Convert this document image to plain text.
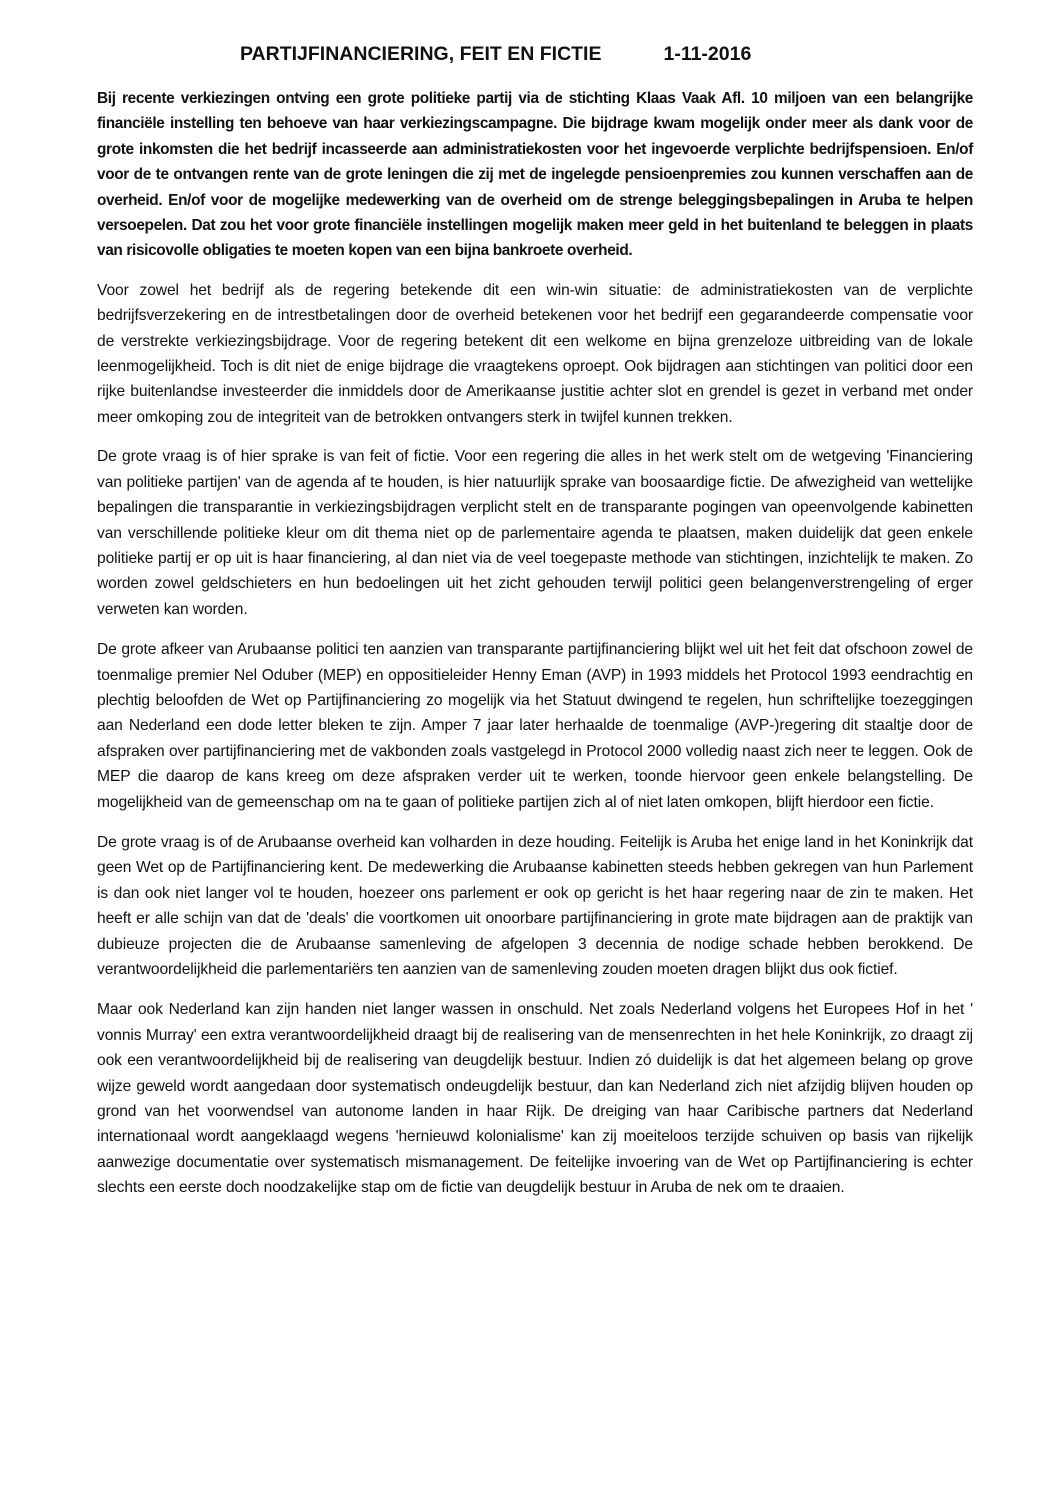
PARTIJFINANCIERING, FEIT EN FICTIE	1-11-2016

Bij recente verkiezingen ontving een grote politieke partij via de stichting Klaas Vaak Afl. 10 miljoen van een belangrijke financiële instelling ten behoeve van haar verkiezingscampagne. Die bijdrage kwam mogelijk onder meer als dank voor de grote inkomsten die het bedrijf incasseerde aan administratiekosten voor het ingevoerde verplichte bedrijfspensioen. En/of voor de te ontvangen rente van de grote leningen die zij met de ingelegde pensioenpremies zou kunnen verschaffen aan de overheid. En/of voor de mogelijke medewerking van de overheid om de strenge beleggingsbepalingen in Aruba te helpen versoepelen. Dat zou het voor grote financiële instellingen mogelijk maken meer geld in het buitenland te beleggen in plaats van risicovolle obligaties te moeten kopen van een bijna bankroete overheid.

Voor zowel het bedrijf als de regering betekende dit een win-win situatie: de administratiekosten van de verplichte bedrijfsverzekering en de intrestbetalingen door de overheid betekenen voor het bedrijf een gegarandeerde compensatie voor de verstrekte verkiezingsbijdrage. Voor de regering betekent dit een welkome en bijna grenzeloze uitbreiding van de lokale leenmogelijkheid. Toch is dit niet de enige bijdrage die vraagtekens oproept. Ook bijdragen aan stichtingen van politici door een rijke buitenlandse investeerder die inmiddels door de Amerikaanse justitie achter slot en grendel is gezet in verband met onder meer omkoping zou de integriteit van de betrokken ontvangers sterk in twijfel kunnen trekken.

De grote vraag is of hier sprake is van feit of fictie. Voor een regering die alles in het werk stelt om de wetgeving 'Financiering van politieke partijen' van de agenda af te houden, is hier natuurlijk sprake van boosaardige fictie. De afwezigheid van wettelijke bepalingen die transparantie in verkiezingsbijdragen verplicht stelt en de transparante pogingen van opeenvolgende kabinetten van verschillende politieke kleur om dit thema niet op de parlementaire agenda te plaatsen, maken duidelijk dat geen enkele politieke partij er op uit is haar financiering, al dan niet via de veel toegepaste methode van stichtingen, inzichtelijk te maken. Zo worden zowel geldschieters en hun bedoelingen uit het zicht gehouden terwijl politici geen belangenverstrengeling of erger verweten kan worden.

De grote afkeer van Arubaanse politici ten aanzien van transparante partijfinanciering blijkt wel uit het feit dat ofschoon zowel de toenmalige premier Nel Oduber (MEP) en oppositieleider Henny Eman (AVP) in 1993 middels het Protocol 1993 eendrachtig en plechtig beloofden de Wet op Partijfinanciering zo mogelijk via het Statuut dwingend te regelen, hun schriftelijke toezeggingen aan Nederland een dode letter bleken te zijn. Amper 7 jaar later herhaalde de toenmalige (AVP-)regering dit staaltje door de afspraken over partijfinanciering met de vakbonden zoals vastgelegd in Protocol 2000 volledig naast zich neer te leggen. Ook de MEP die daarop de kans kreeg om deze afspraken verder uit te werken, toonde hiervoor geen enkele belangstelling. De mogelijkheid van de gemeenschap om na te gaan of politieke partijen zich al of niet laten omkopen, blijft hierdoor een fictie.

De grote vraag is of de Arubaanse overheid kan volharden in deze houding. Feitelijk is Aruba het enige land in het Koninkrijk dat geen Wet op de Partijfinanciering kent. De medewerking die Arubaanse kabinetten steeds hebben gekregen van hun Parlement is dan ook niet langer vol te houden, hoezeer ons parlement er ook op gericht is het haar regering naar de zin te maken. Het heeft er alle schijn van dat de 'deals' die voortkomen uit onoorbare partijfinanciering in grote mate bijdragen aan de praktijk van dubieuze projecten die de Arubaanse samenleving de afgelopen 3 decennia de nodige schade hebben berokkend. De verantwoordelijkheid die parlementariërs ten aanzien van de samenleving zouden moeten dragen blijkt dus ook fictief.

Maar ook Nederland kan zijn handen niet langer wassen in onschuld. Net zoals Nederland volgens het Europees Hof in het ' vonnis Murray' een extra verantwoordelijkheid draagt bij de realisering van de mensenrechten in het hele Koninkrijk, zo draagt zij ook een verantwoordelijkheid bij de realisering van deugdelijk bestuur. Indien zó duidelijk is dat het algemeen belang op grove wijze geweld wordt aangedaan door systematisch ondeugdelijk bestuur, dan kan Nederland zich niet afzijdig blijven houden op grond van het voorwendsel van autonome landen in haar Rijk. De dreiging van haar Caribische partners dat Nederland internationaal wordt aangeklaagd wegens 'hernieuwd kolonialisme' kan zij moeiteloos terzijde schuiven op basis van rijkelijk aanwezige documentatie over systematisch mismanagement. De feitelijke invoering van de Wet op Partijfinanciering is echter slechts een eerste doch noodzakelijke stap om de fictie van deugdelijk bestuur in Aruba de nek om te draaien.
